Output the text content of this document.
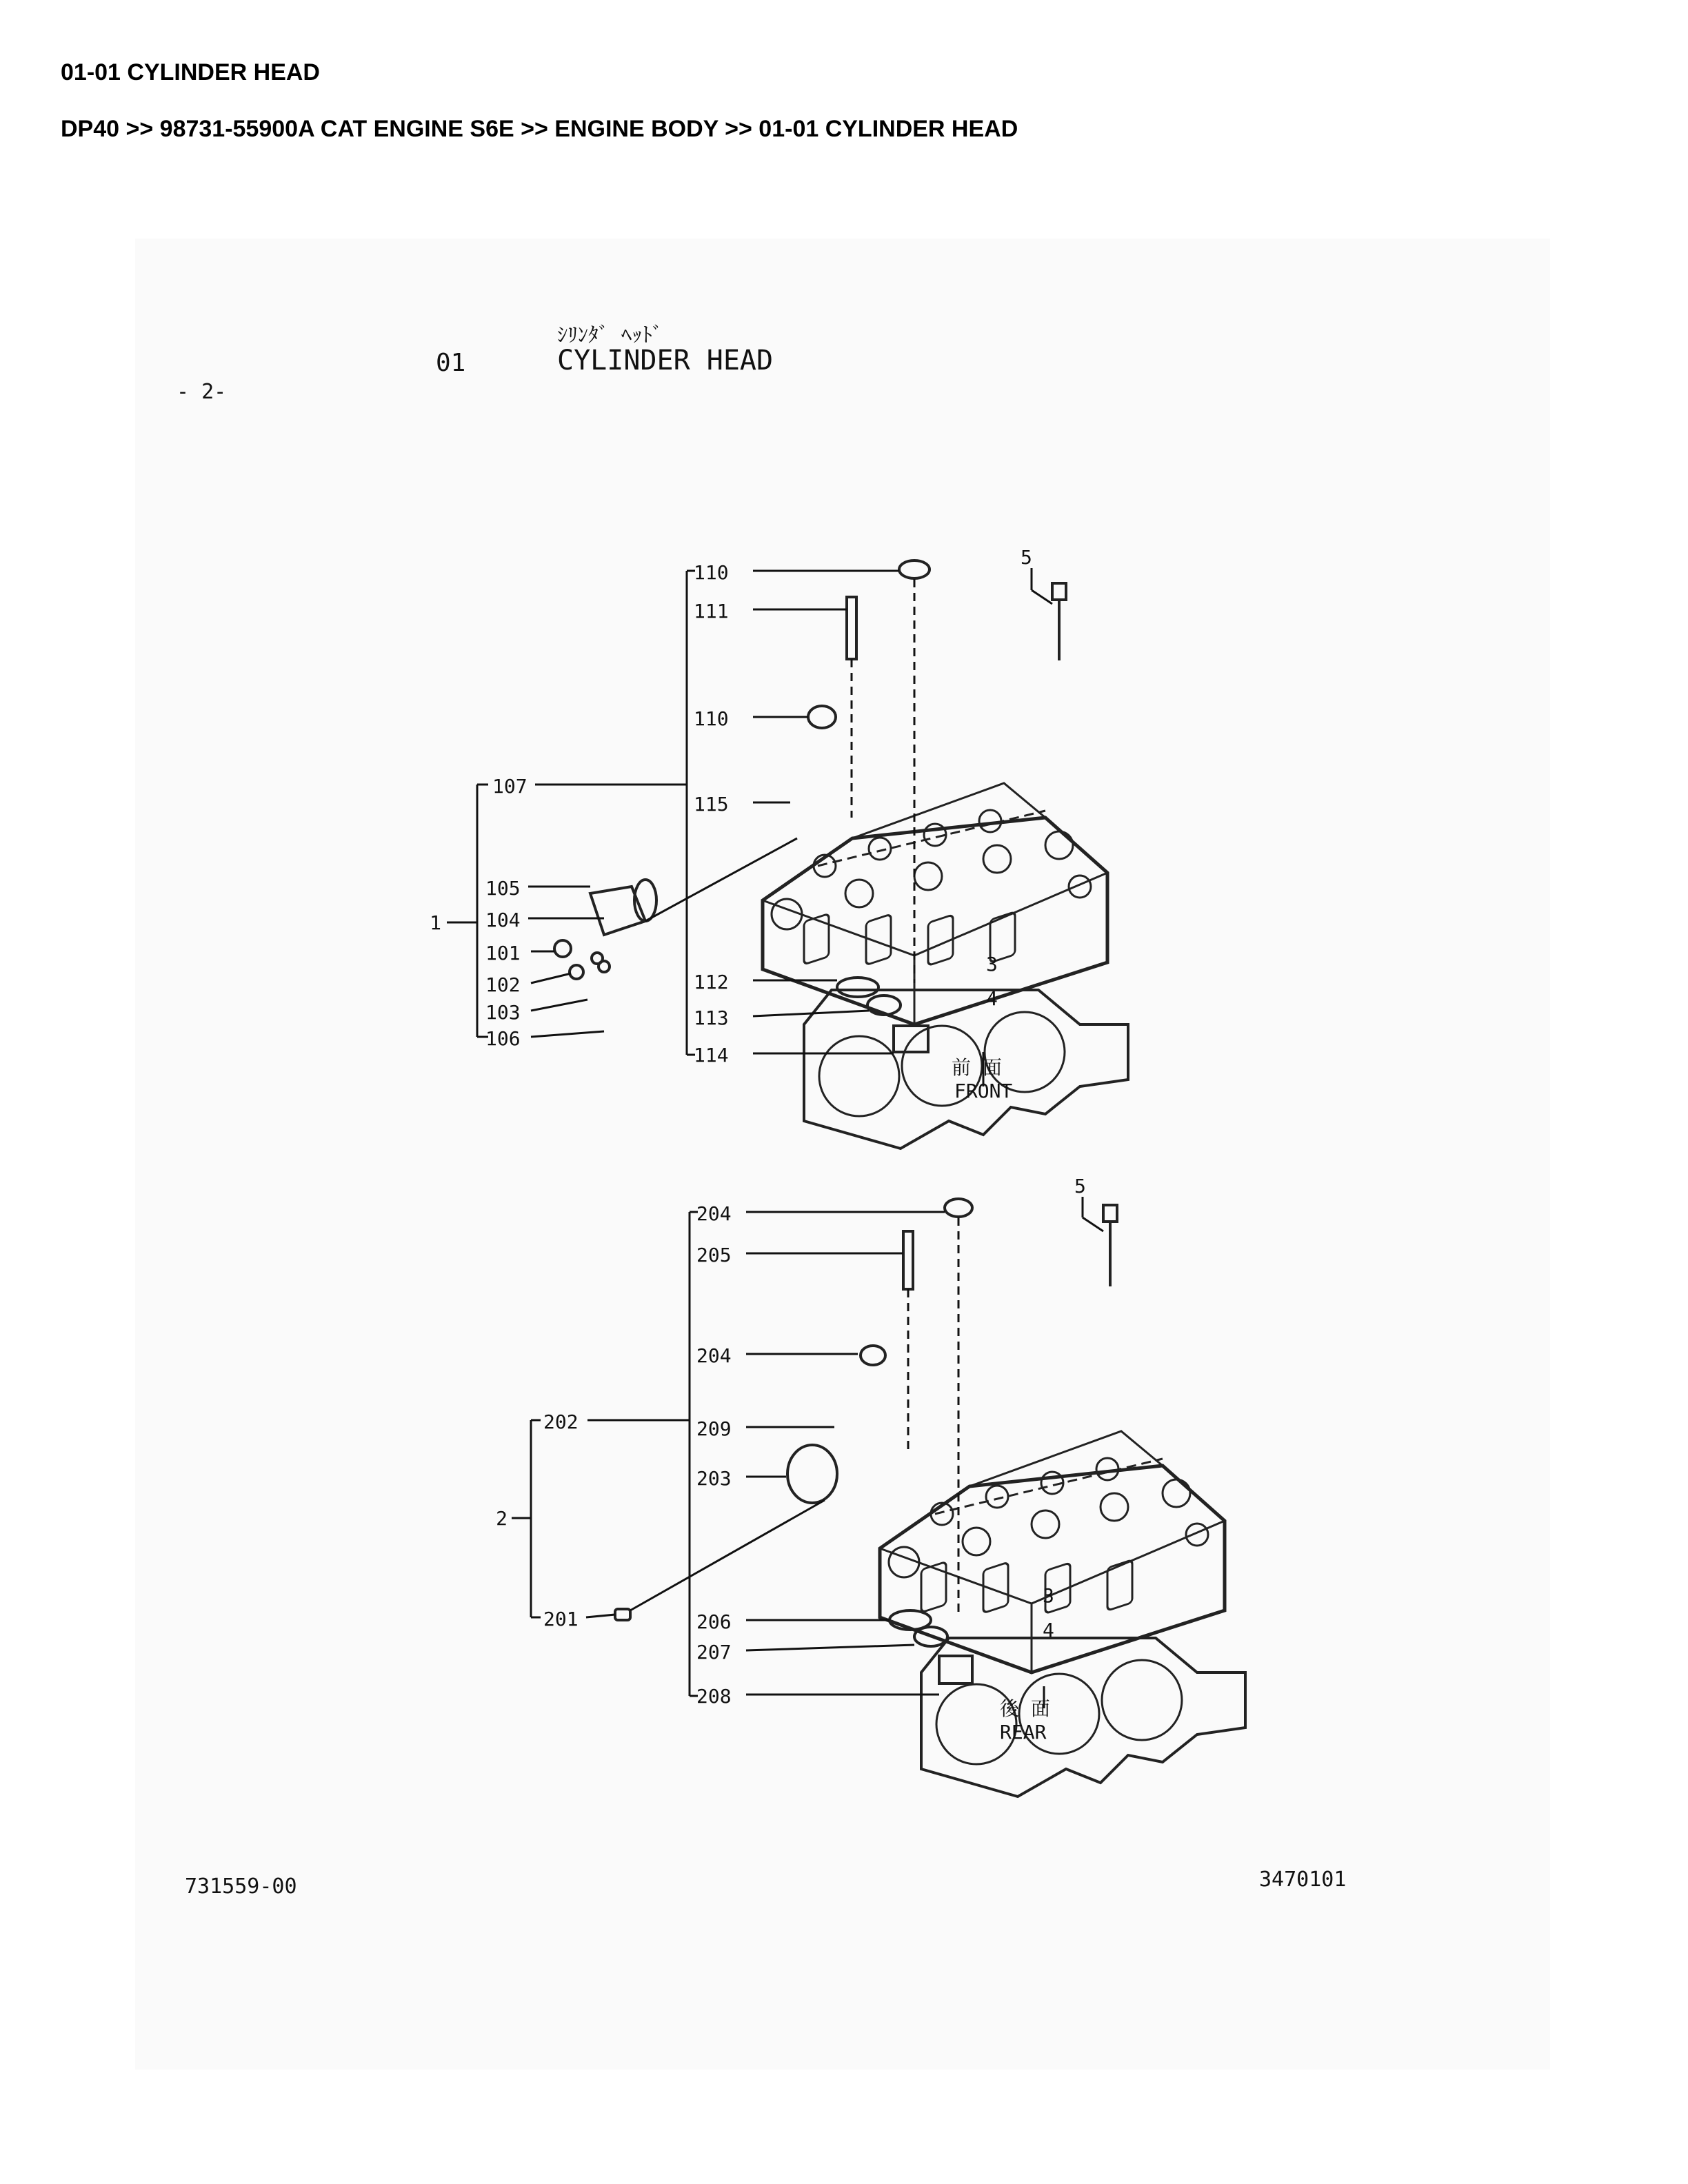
01-01 CYLINDER HEAD
DP40 >> 98731-55900A CAT ENGINE S6E >> ENGINE BODY >> 01-01 CYLINDER HEAD
- 2-
01
ｼﾘﾝﾀﾞ ﾍｯﾄﾞ
CYLINDER HEAD
110
111
110
115
112
113
114
107
105
104
101
102
103
106
1
5
3
4
前 面
FRONT
204
205
204
209
203
206
207
208
202
201
2
5
3
4
後 面
REAR
731559-00	3470101
